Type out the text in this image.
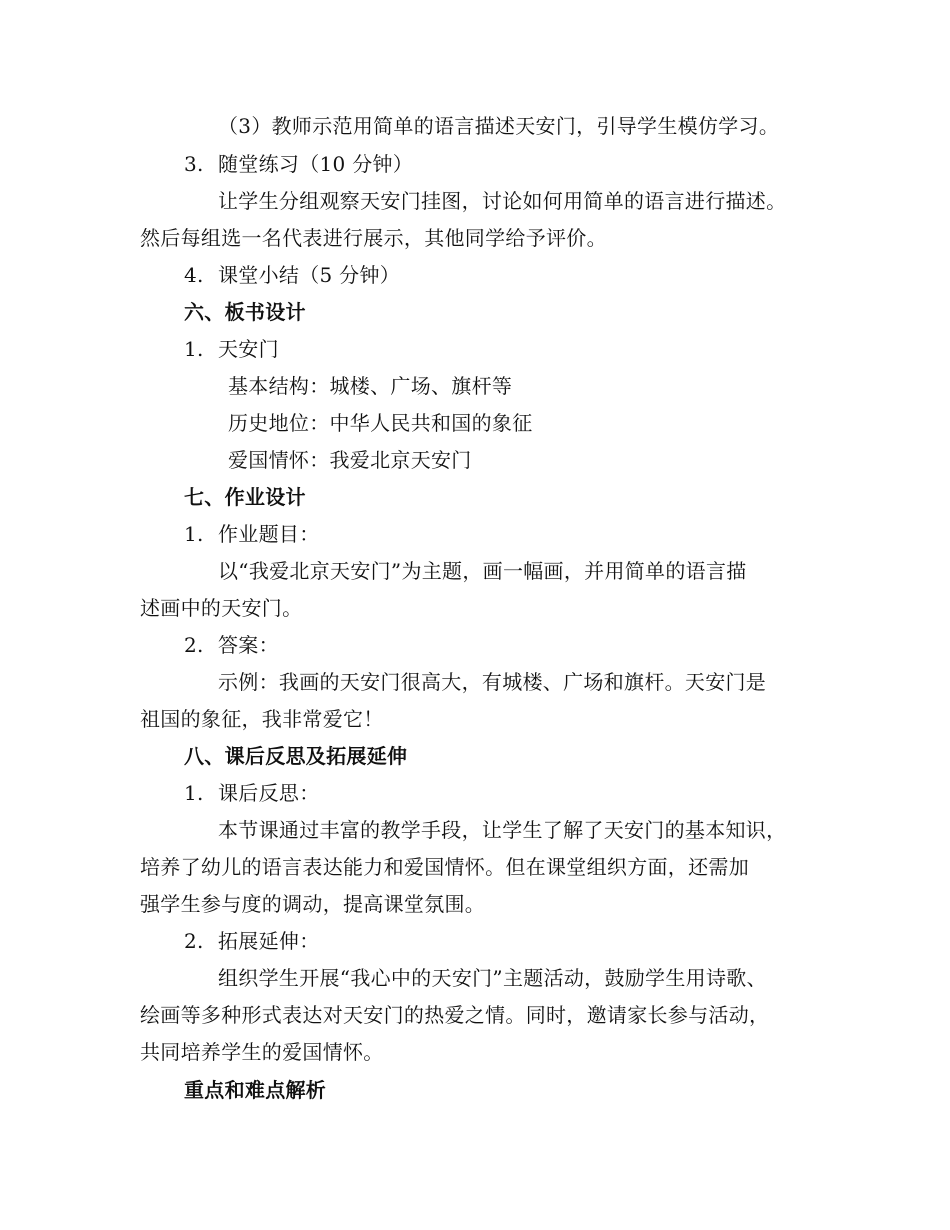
（3）教师示范用简单的语言描述天安门，引导学生模仿学习。
3. 随堂练习（10 分钟）
让学生分组观察天安门挂图，讨论如何用简单的语言进行描述。
然后每组选一名代表进行展示，其他同学给予评价。
4. 课堂小结（5 分钟）
六、板书设计
1. 天安门
基本结构：城楼、广场、旗杆等
历史地位：中华人民共和国的象征
爱国情怀：我爱北京天安门
七、作业设计
1. 作业题目：
以“我爱北京天安门”为主题，画一幅画，并用简单的语言描
述画中的天安门。
2. 答案：
示例：我画的天安门很高大，有城楼、广场和旗杆。天安门是
祖国的象征，我非常爱它！
八、课后反思及拓展延伸
1. 课后反思：
本节课通过丰富的教学手段，让学生了解了天安门的基本知识，
培养了幼儿的语言表达能力和爱国情怀。但在课堂组织方面，还需加
强学生参与度的调动，提高课堂氛围。
2. 拓展延伸：
组织学生开展“我心中的天安门”主题活动，鼓励学生用诗歌、
绘画等多种形式表达对天安门的热爱之情。同时，邀请家长参与活动，
共同培养学生的爱国情怀。
重点和难点解析
